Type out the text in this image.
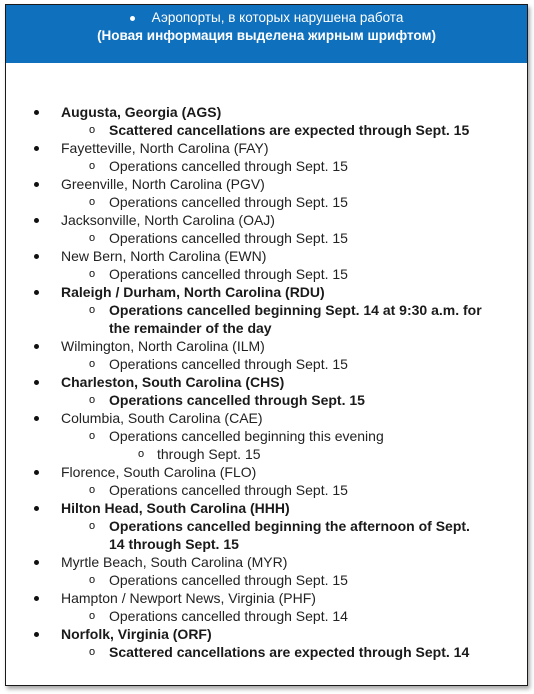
Аэропорты, в которых нарушена работа
(Новая информация выделена жирным шрифтом)
Augusta, Georgia (AGS)
Scattered cancellations are expected through Sept. 15
o
Fayetteville, North Carolina (FAY)
Operations cancelled through Sept. 15
o
Greenville, North Carolina (PGV)
Operations cancelled through Sept. 15
o
Jacksonville, North Carolina (OAJ)
Operations cancelled through Sept. 15
o
New Bern, North Carolina (EWN)
Operations cancelled through Sept. 15
o
Raleigh / Durham, North Carolina (RDU)
Operations cancelled beginning Sept. 14 at 9:30 a.m. for
o
the remainder of the day
Wilmington, North Carolina (ILM)
Operations cancelled through Sept. 15
o
Charleston, South Carolina (CHS)
Operations cancelled through Sept. 15
o
Columbia, South Carolina (CAE)
Operations cancelled beginning this evening
o
through Sept. 15
o
Florence, South Carolina (FLO)
Operations cancelled through Sept. 15
o
Hilton Head, South Carolina (HHH)
Operations cancelled beginning the afternoon of Sept.
o
14 through Sept. 15
Myrtle Beach, South Carolina (MYR)
Operations cancelled through Sept. 15
o
Hampton / Newport News, Virginia (PHF)
Operations cancelled through Sept. 14
o
Norfolk, Virginia (ORF)
Scattered cancellations are expected through Sept. 14
o
